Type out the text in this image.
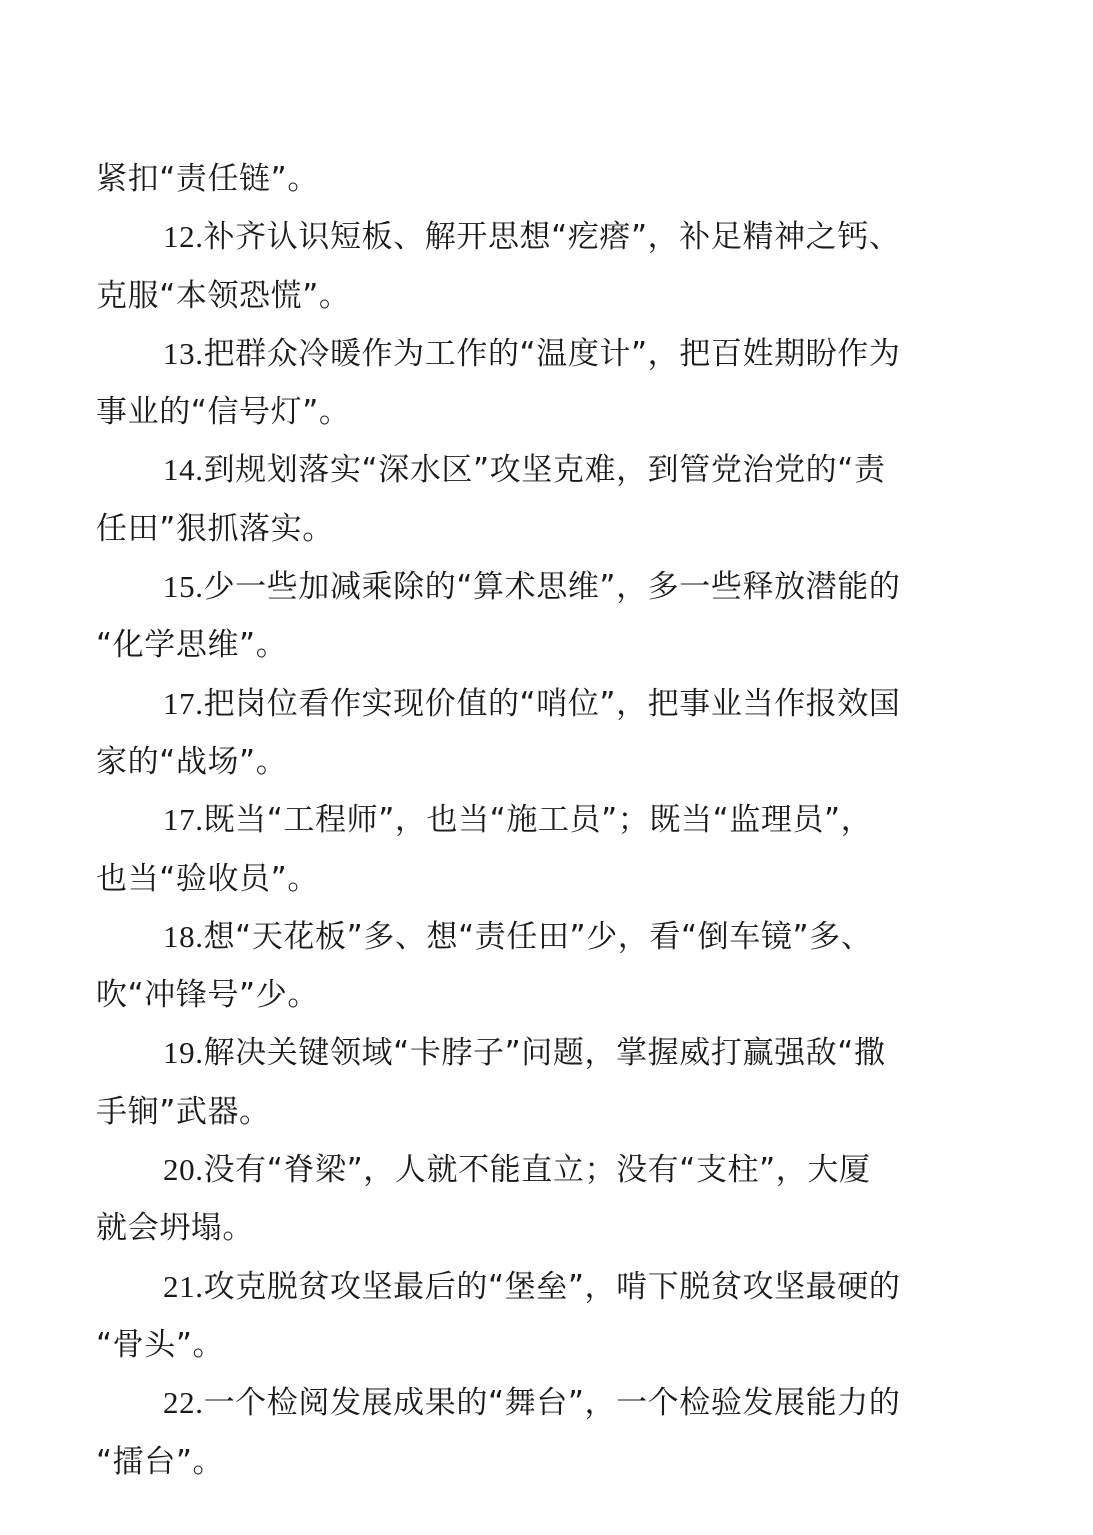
紧扣“责任链”。
12.补齐认识短板、解开思想“疙瘩”，补足精神之钙、
克服“本领恐慌”。
13.把群众冷暖作为工作的“温度计”，把百姓期盼作为
事业的“信号灯”。
14.到规划落实“深水区”攻坚克难，到管党治党的“责
任田”狠抓落实。
15.少一些加减乘除的“算术思维”，多一些释放潜能的
“化学思维”。
17.把岗位看作实现价值的“哨位”，把事业当作报效国
家的“战场”。
17.既当“工程师”，也当“施工员”；既当“监理员”，
也当“验收员”。
18.想“天花板”多、想“责任田”少，看“倒车镜”多、
吹“冲锋号”少。
19.解决关键领域“卡脖子”问题，掌握威打赢强敌“撒
手锏”武器。
20.没有“脊梁”，人就不能直立；没有“支柱”，大厦
就会坍塌。
21.攻克脱贫攻坚最后的“堡垒”，啃下脱贫攻坚最硬的
“骨头”。
22.一个检阅发展成果的“舞台”，一个检验发展能力的
“擂台”。
